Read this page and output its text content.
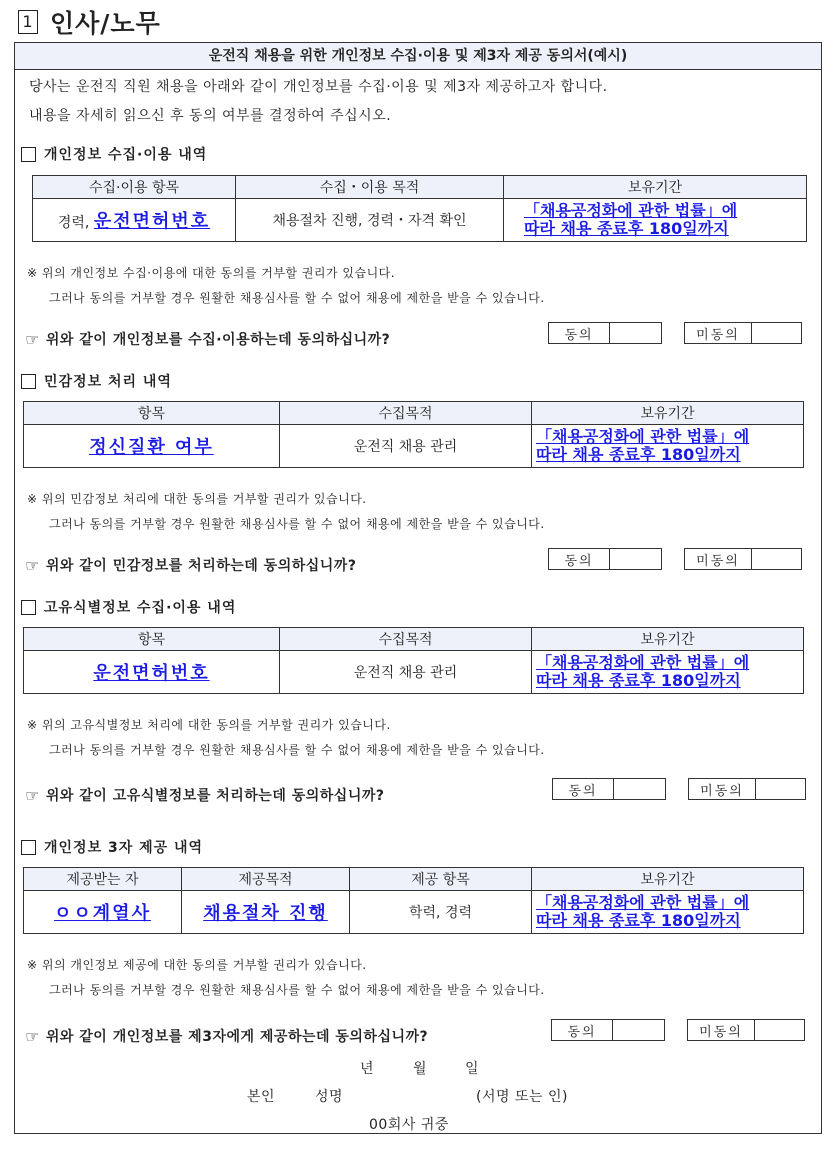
1 인사/노무
운전직 채용을 위한 개인정보 수집·이용 및 제3자 제공 동의서(예시)
당사는 운전직 직원 채용을 아래와 같이 개인정보를 수집·이용 및 제3자 제공하고자 합니다.
내용을 자세히 읽으신 후 동의 여부를 결정하여 주십시오.
개인정보 수집·이용 내역
수집·이용 항목	수집・이용 목적	보유기간
경력, 운전면허번호	채용절차 진행, 경력・자격 확인	「채용공정화에 관한 법률」에
따라 채용 종료후 180일까지
※ 위의 개인정보 수집·이용에 대한 동의를 거부할 권리가 있습니다.
그러나 동의를 거부할 경우 원활한 채용심사를 할 수 없어 채용에 제한을 받을 수 있습니다.
☞ 위와 같이 개인정보를 수집·이용하는데 동의하십니까?	동의	미동의
민감정보 처리 내역
항목	수집목적	보유기간
정신질환 여부	운전직 채용 관리	「채용공정화에 관한 법률」에
따라 채용 종료후 180일까지
※ 위의 민감정보 처리에 대한 동의를 거부할 권리가 있습니다.
그러나 동의를 거부할 경우 원활한 채용심사를 할 수 없어 채용에 제한을 받을 수 있습니다.
☞ 위와 같이 민감정보를 처리하는데 동의하십니까?	동의	미동의
고유식별정보 수집·이용 내역
항목	수집목적	보유기간
운전면허번호	운전직 채용 관리	「채용공정화에 관한 법률」에
따라 채용 종료후 180일까지
※ 위의 고유식별정보 처리에 대한 동의를 거부할 권리가 있습니다.
그러나 동의를 거부할 경우 원활한 채용심사를 할 수 없어 채용에 제한을 받을 수 있습니다.
☞ 위와 같이 고유식별정보를 처리하는데 동의하십니까?	동의	미동의
개인정보 3자 제공 내역
제공받는 자	제공목적	제공 항목	보유기간
ㅇㅇ계열사	채용절차 진행	학력, 경력	「채용공정화에 관한 법률」에
따라 채용 종료후 180일까지
※ 위의 개인정보 제공에 대한 동의를 거부할 권리가 있습니다.
그러나 동의를 거부할 경우 원활한 채용심사를 할 수 없어 채용에 제한을 받을 수 있습니다.
☞ 위와 같이 개인정보를 제3자에게 제공하는데 동의하십니까?	동의	미동의
년	월	일
본인	성명	(서명 또는 인)
00회사 귀중
